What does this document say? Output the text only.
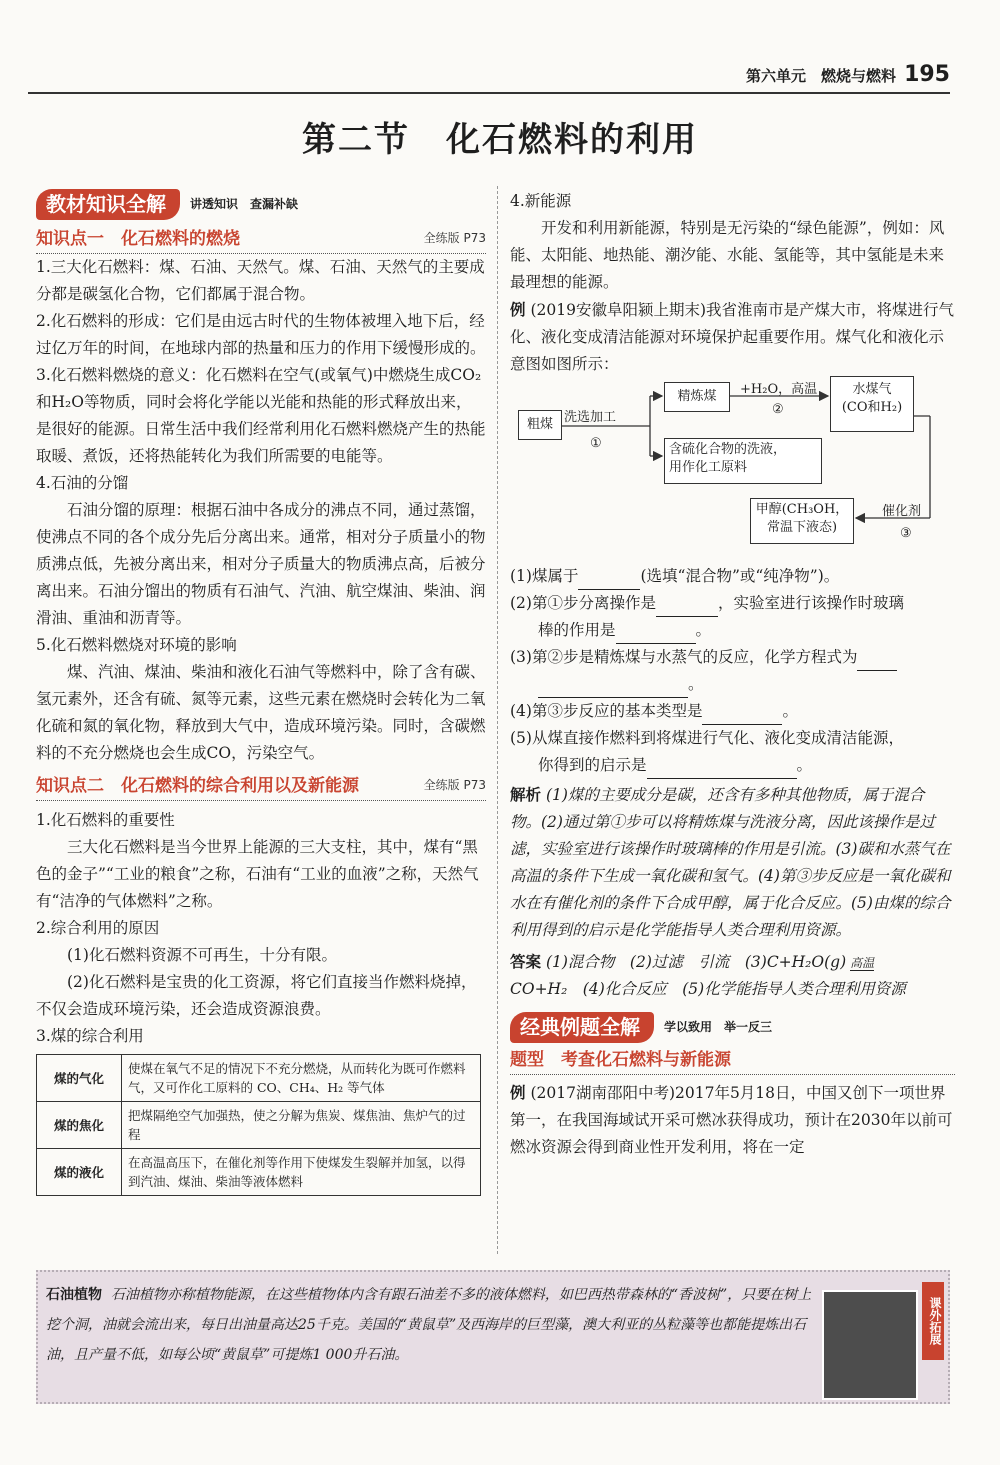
第六单元　燃烧与燃料 195
第二节　化石燃料的利用
教材知识全解	讲透知识　查漏补缺
知识点一　化石燃料的燃烧	全练版 P73

1.三大化石燃料：煤、石油、天然气。煤、石油、天然气的主要成分都是碳氢化合物，它们都属于混合物。

2.化石燃料的形成：它们是由远古时代的生物体被埋入地下后，经过亿万年的时间，在地球内部的热量和压力的作用下缓慢形成的。

3.化石燃料燃烧的意义：化石燃料在空气(或氧气)中燃烧生成CO₂和H₂O等物质，同时会将化学能以光能和热能的形式释放出来，是很好的能源。日常生活中我们经常利用化石燃料燃烧产生的热能取暖、煮饭，还将热能转化为我们所需要的电能等。

4.石油的分馏

石油分馏的原理：根据石油中各成分的沸点不同，通过蒸馏，使沸点不同的各个成分先后分离出来。通常，相对分子质量小的物质沸点低，先被分离出来，相对分子质量大的物质沸点高，后被分离出来。石油分馏出的物质有石油气、汽油、航空煤油、柴油、润滑油、重油和沥青等。

5.化石燃料燃烧对环境的影响

煤、汽油、煤油、柴油和液化石油气等燃料中，除了含有碳、氢元素外，还含有硫、氮等元素，这些元素在燃烧时会转化为二氧化硫和氮的氧化物，释放到大气中，造成环境污染。同时，含碳燃料的不充分燃烧也会生成CO，污染空气。

知识点二　化石燃料的综合利用以及新能源	全练版 P73

1.化石燃料的重要性

三大化石燃料是当今世界上能源的三大支柱，其中，煤有“黑色的金子”“工业的粮食”之称，石油有“工业的血液”之称，天然气有“洁净的气体燃料”之称。

2.综合利用的原因

(1)化石燃料资源不可再生，十分有限。

(2)化石燃料是宝贵的化工资源，将它们直接当作燃料烧掉，不仅会造成环境污染，还会造成资源浪费。

3.煤的综合利用

煤的气化	使煤在氧气不足的情况下不充分燃烧，从而转化为既可作燃料气，又可作化工原料的 CO、CH₄、H₂ 等气体
煤的焦化	把煤隔绝空气加强热，使之分解为焦炭、煤焦油、焦炉气的过程
煤的液化	在高温高压下，在催化剂等作用下使煤发生裂解并加氢，以得到汽油、煤油、柴油等液体燃料

4.新能源

开发和利用新能源，特别是无污染的“绿色能源”，例如：风能、太阳能、地热能、潮汐能、水能、氢能等，其中氢能是未来最理想的能源。

例 (2019安徽阜阳颍上期末)我省淮南市是产煤大市，将煤进行气化、液化变成清洁能源对环境保护起重要作用。煤气化和液化示意图如图所示：

粗煤 洗选加工
①
精炼煤	+H₂O，高温
②
水煤气
(CO和H₂)
含硫化合物的洗液，
用作化工原料
甲醇(CH₃OH，
常温下液态)
催化剂
③

(1)煤属于	(选填“混合物”或“纯净物”)。

(2)第①步分离操作是	，实验室进行该操作时玻璃

棒的作用是	。

(3)第②步是精炼煤与水蒸气的反应，化学方程式为

。

(4)第③步反应的基本类型是	。

(5)从煤直接作燃料到将煤进行气化、液化变成清洁能源，

你得到的启示是	。

解析 (1)煤的主要成分是碳，还含有多种其他物质，属于混合物。(2)通过第①步可以将精炼煤与洗液分离，因此该操作是过滤，实验室进行该操作时玻璃棒的作用是引流。(3)碳和水蒸气在高温的条件下生成一氧化碳和氢气。(4)第③步反应是一氧化碳和水在有催化剂的条件下合成甲醇，属于化合反应。(5)由煤的综合利用得到的启示是化学能指导人类合理利用资源。

答案 (1)混合物　(2)过滤　引流　(3)C+H₂O(g) 高温

CO+H₂　(4)化合反应　(5)化学能指导人类合理利用资源

经典例题全解	学以致用　举一反三
题型　考查化石燃料与新能源

例 (2017湖南邵阳中考)2017年5月18日，中国又创下一项世界第一，在我国海域试开采可燃冰获得成功，预计在2030年以前可燃冰资源会得到商业性开发利用，将在一定

石油植物 石油植物亦称植物能源，在这些植物体内含有跟石油差不多的液体燃料，如巴西热带森林的“香波树”，只要在树上挖个洞，油就会流出来，每日出油量高达25千克。美国的“黄鼠草”及西海岸的巨型藻，澳大利亚的丛粒藻等也都能提炼出石油，且产量不低，如每公顷“黄鼠草”可提炼1 000升石油。
课外拓展
